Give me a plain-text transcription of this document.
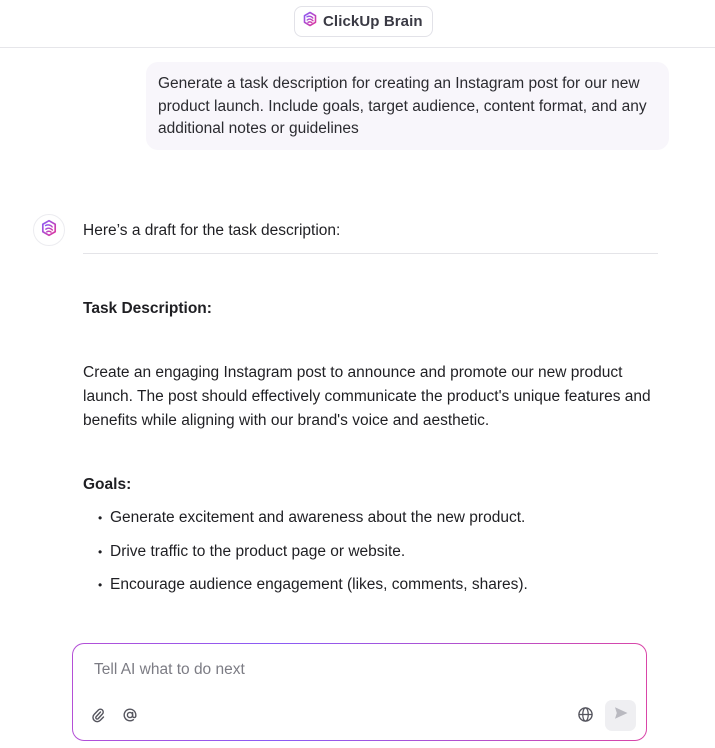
ClickUp Brain
Generate a task description for creating an Instagram post for our new product launch. Include goals, target audience, content format, and any additional notes or guidelines
Here’s a draft for the task description:
Task Description:
Create an engaging Instagram post to announce and promote our new product launch. The post should effectively communicate the product's unique features and benefits while aligning with our brand's voice and aesthetic.
Goals:
• Generate excitement and awareness about the new product.
• Drive traffic to the product page or website.
• Encourage audience engagement (likes, comments, shares).
Tell AI what to do next
